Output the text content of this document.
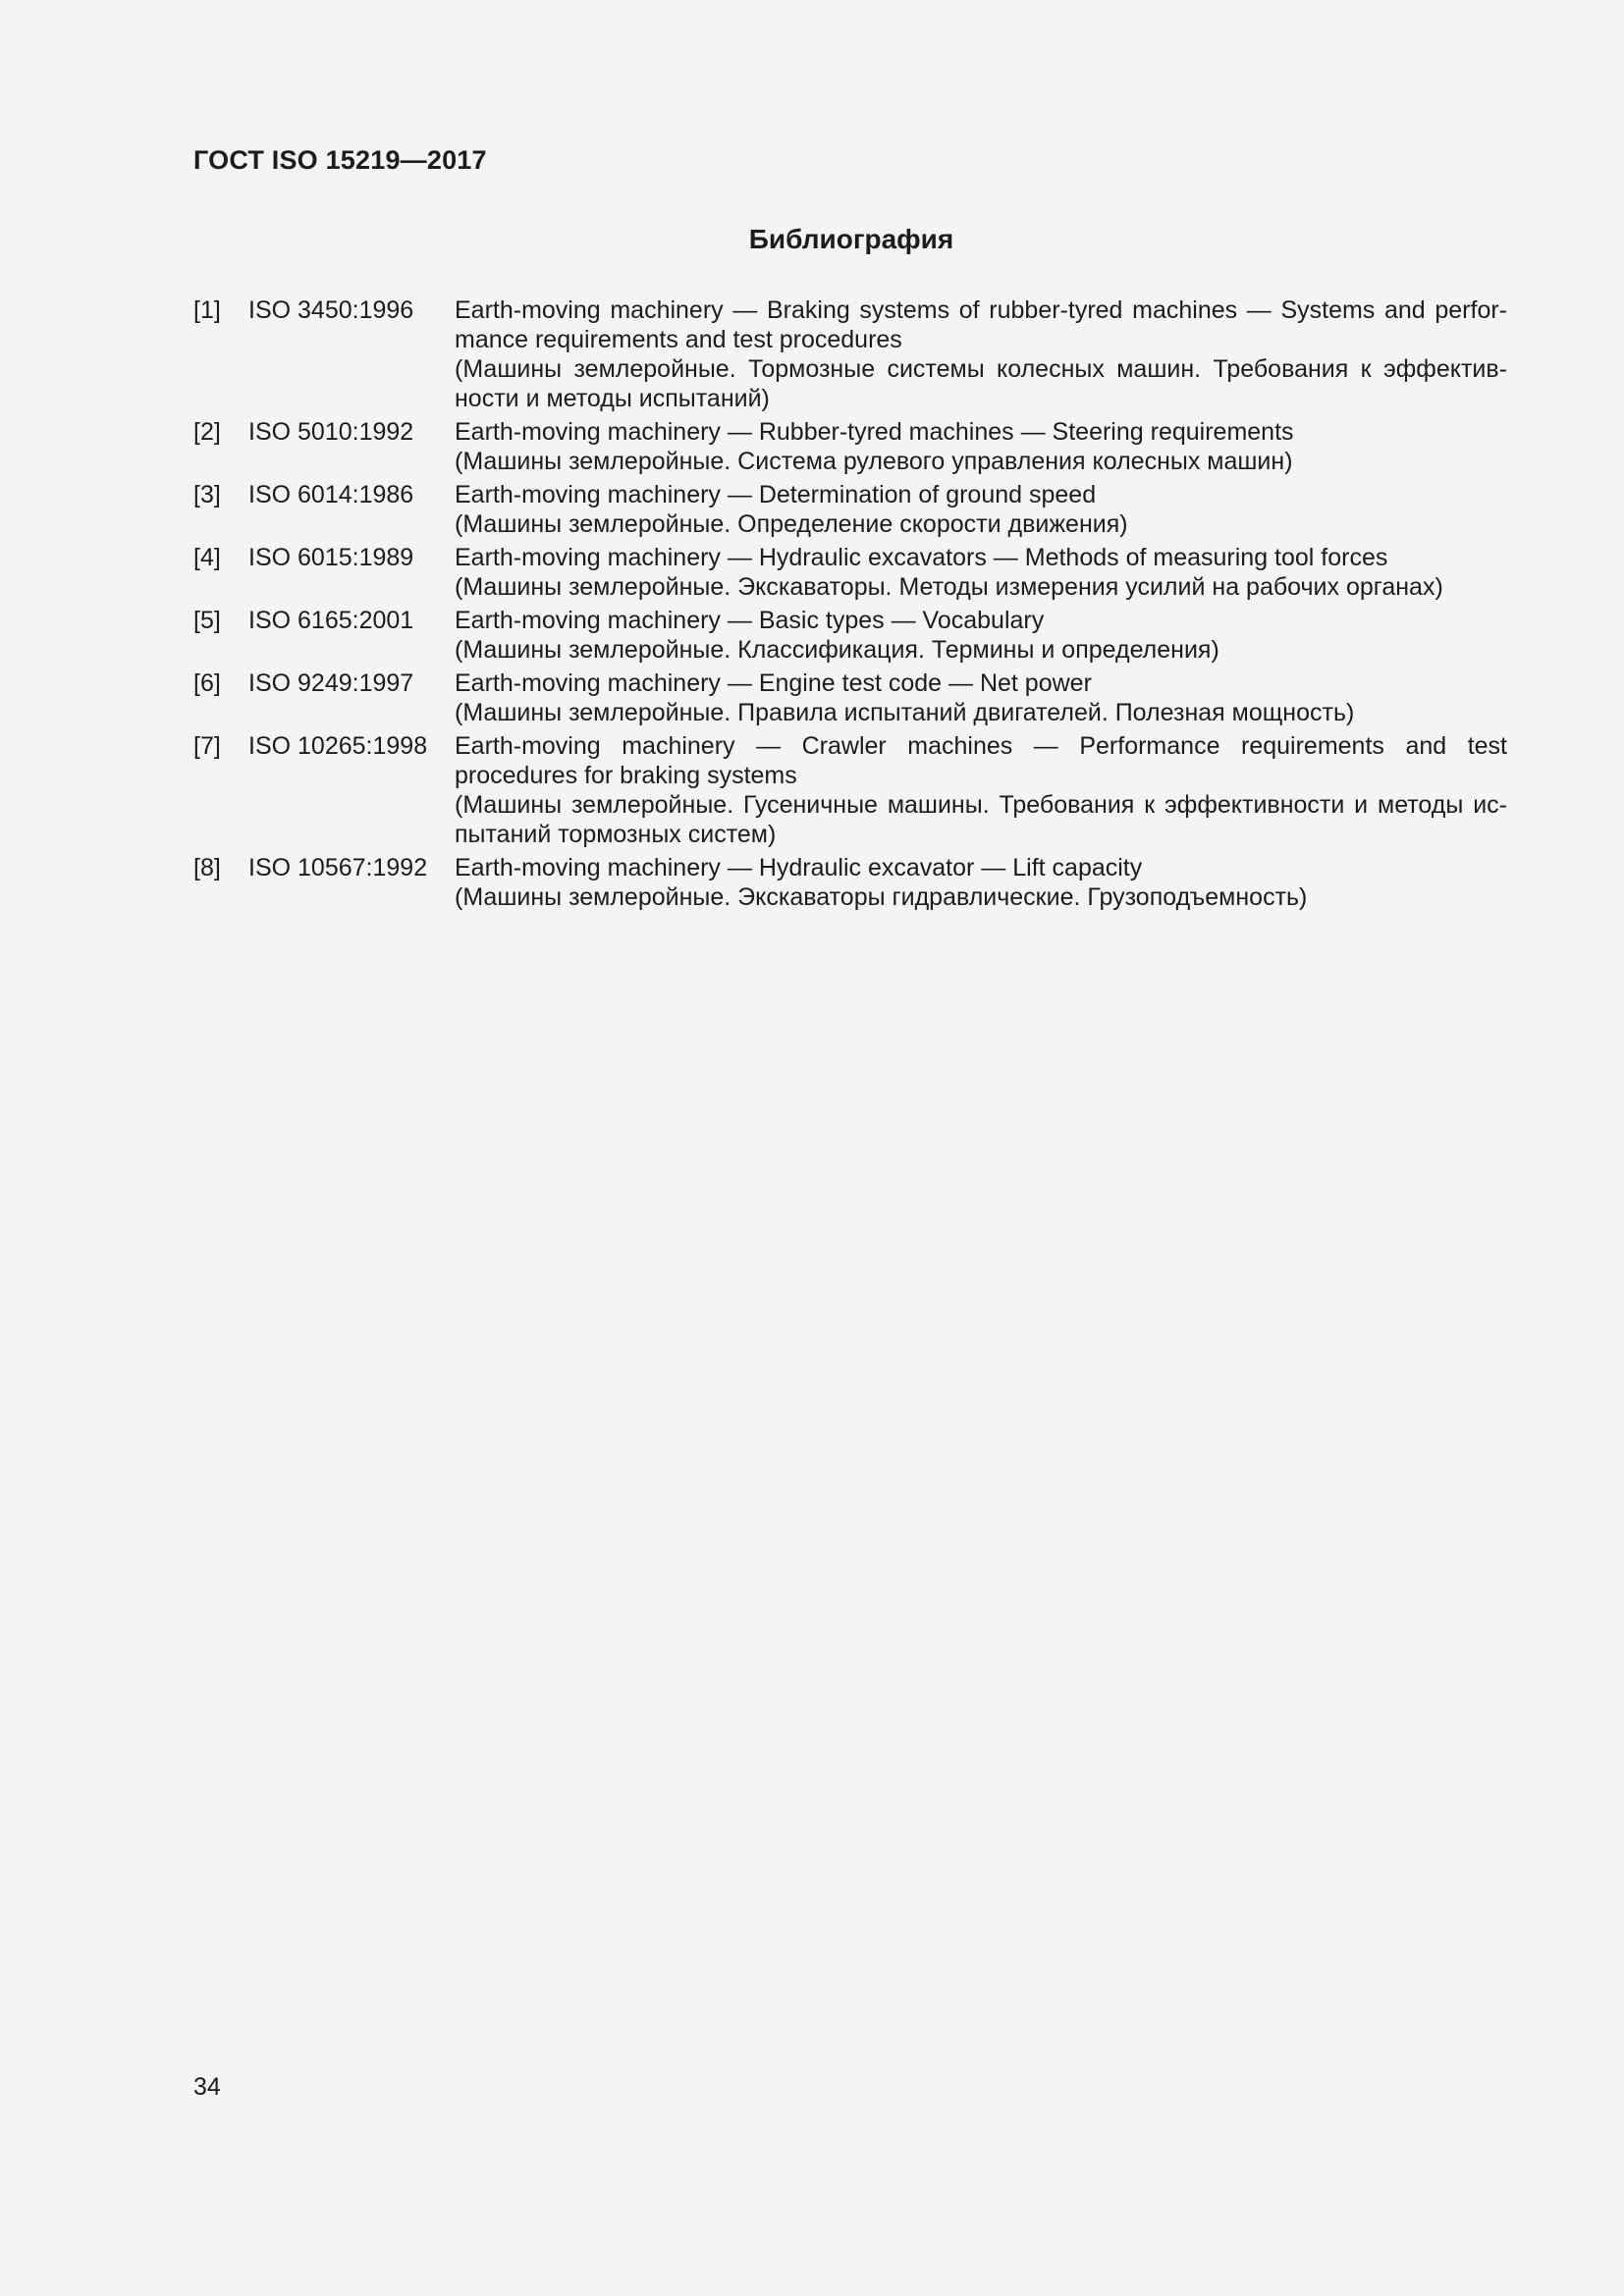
ГОСТ ISO 15219—2017
Библиография
[1]	ISO 3450:1996	Earth-moving machinery — Braking systems of rubber-tyred machines — Systems and perfor-mance requirements and test procedures
(Машины землеройные. Тормозные системы колесных машин. Требования к эффектив-ности и методы испытаний)
[2]	ISO 5010:1992	Earth-moving machinery — Rubber-tyred machines — Steering requirements
(Машины землеройные. Система рулевого управления колесных машин)
[3]	ISO 6014:1986	Earth-moving machinery — Determination of ground speed
(Машины землеройные. Определение скорости движения)
[4]	ISO 6015:1989	Earth-moving machinery — Hydraulic excavators — Methods of measuring tool forces
(Машины землеройные. Экскаваторы. Методы измерения усилий на рабочих органах)
[5]	ISO 6165:2001	Earth-moving machinery — Basic types — Vocabulary
(Машины землеройные. Классификация. Термины и определения)
[6]	ISO 9249:1997	Earth-moving machinery — Engine test code — Net power
(Машины землеройные. Правила испытаний двигателей. Полезная мощность)
[7]	ISO 10265:1998	Earth-moving machinery — Crawler machines — Performance requirements and test procedures for braking systems
(Машины землеройные. Гусеничные машины. Требования к эффективности и методы ис-пытаний тормозных систем)
[8]	ISO 10567:1992	Earth-moving machinery — Hydraulic excavator — Lift capacity
(Машины землеройные. Экскаваторы гидравлические. Грузоподъемность)
34
